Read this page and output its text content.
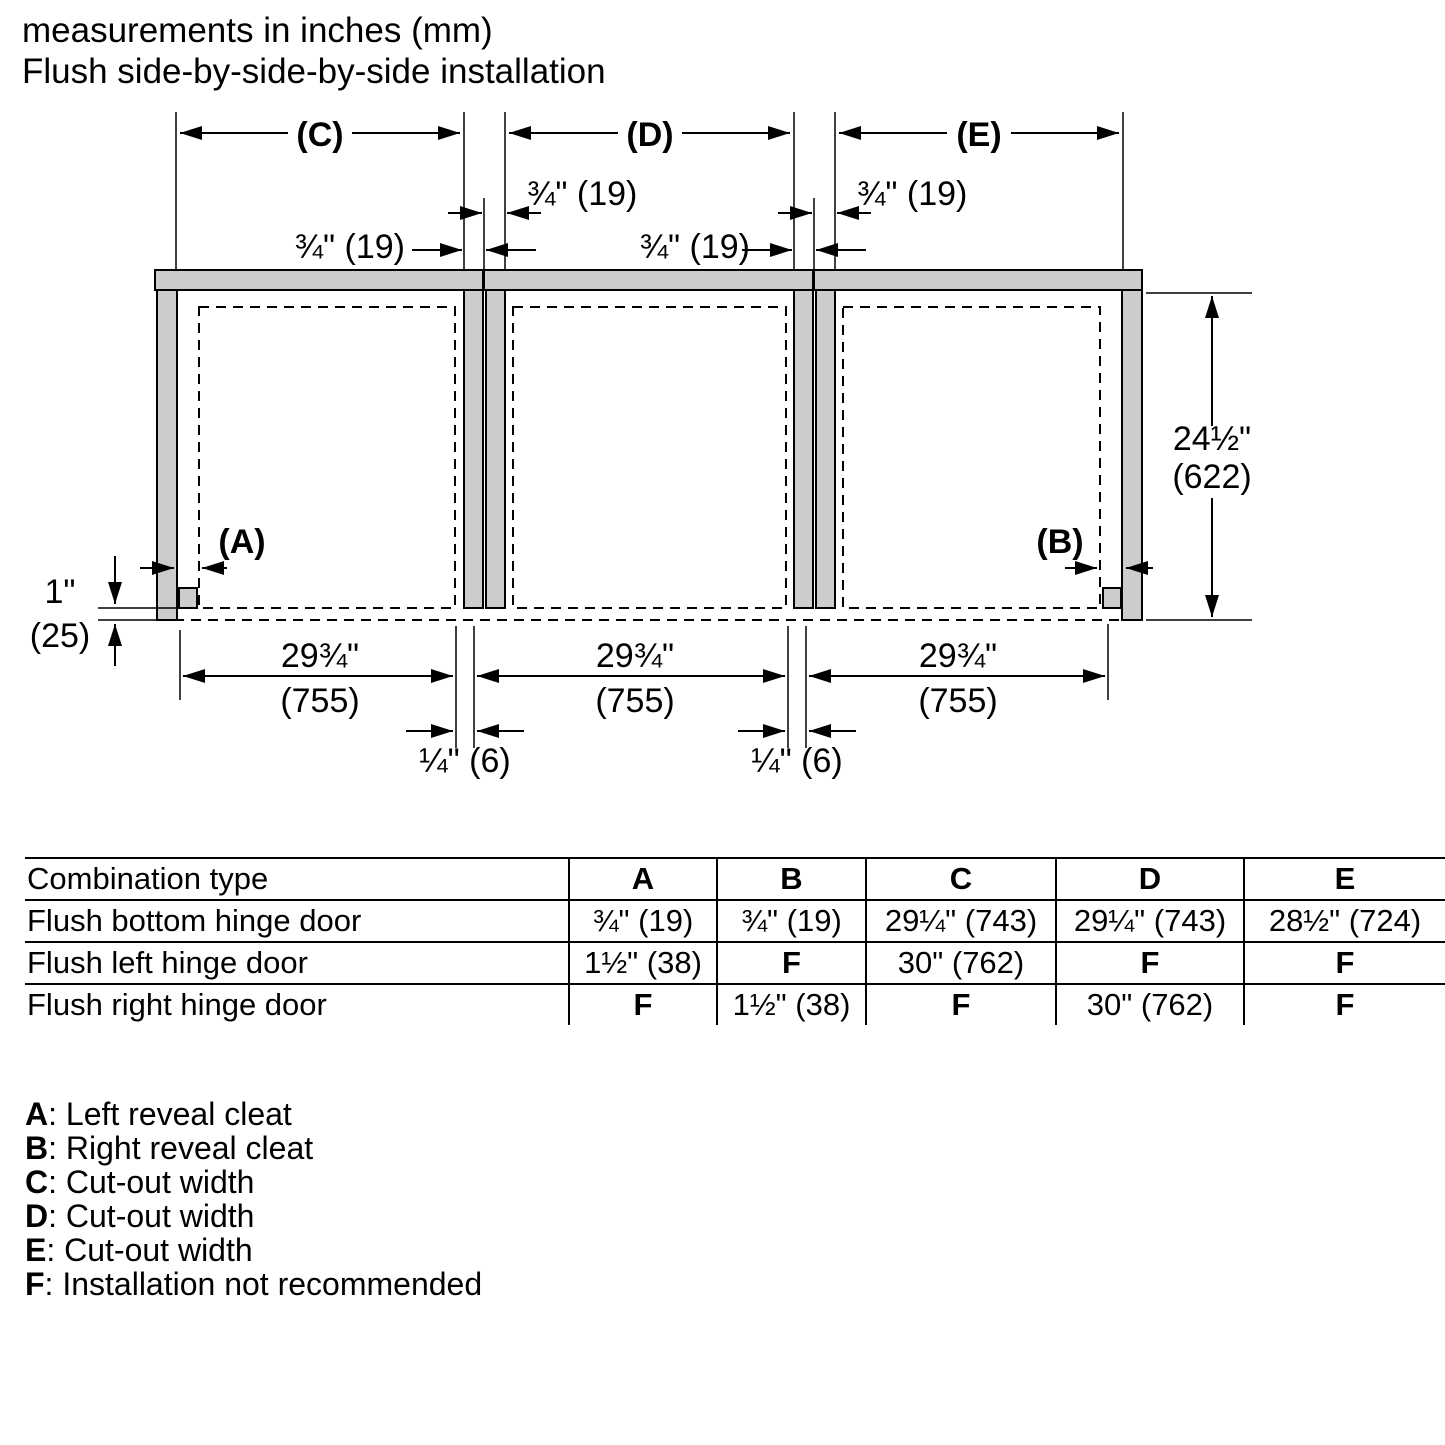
measurements in inches (mm)
Flush side-by-side-by-side installation
(C)	(D)	(E)
¾" (19)	¾" (19)
¾" (19)	¾" (19)
(A)	(B)
1"
(25)
24½"
(622)
29¾"
(755)
29¾"
(755)
29¾"
(755)
¼" (6)	¼" (6)
Combination type	A	B	C	D	E
Flush bottom hinge door	¾" (19)	¾" (19)	29¼" (743)	29¼" (743)	28½" (724)
Flush left hinge door	1½" (38)	F	30" (762)	F	F
Flush right hinge door	F	1½" (38)	F	30" (762)	F
A: Left reveal cleat
B: Right reveal cleat
C: Cut-out width
D: Cut-out width
E: Cut-out width
F: Installation not recommended
